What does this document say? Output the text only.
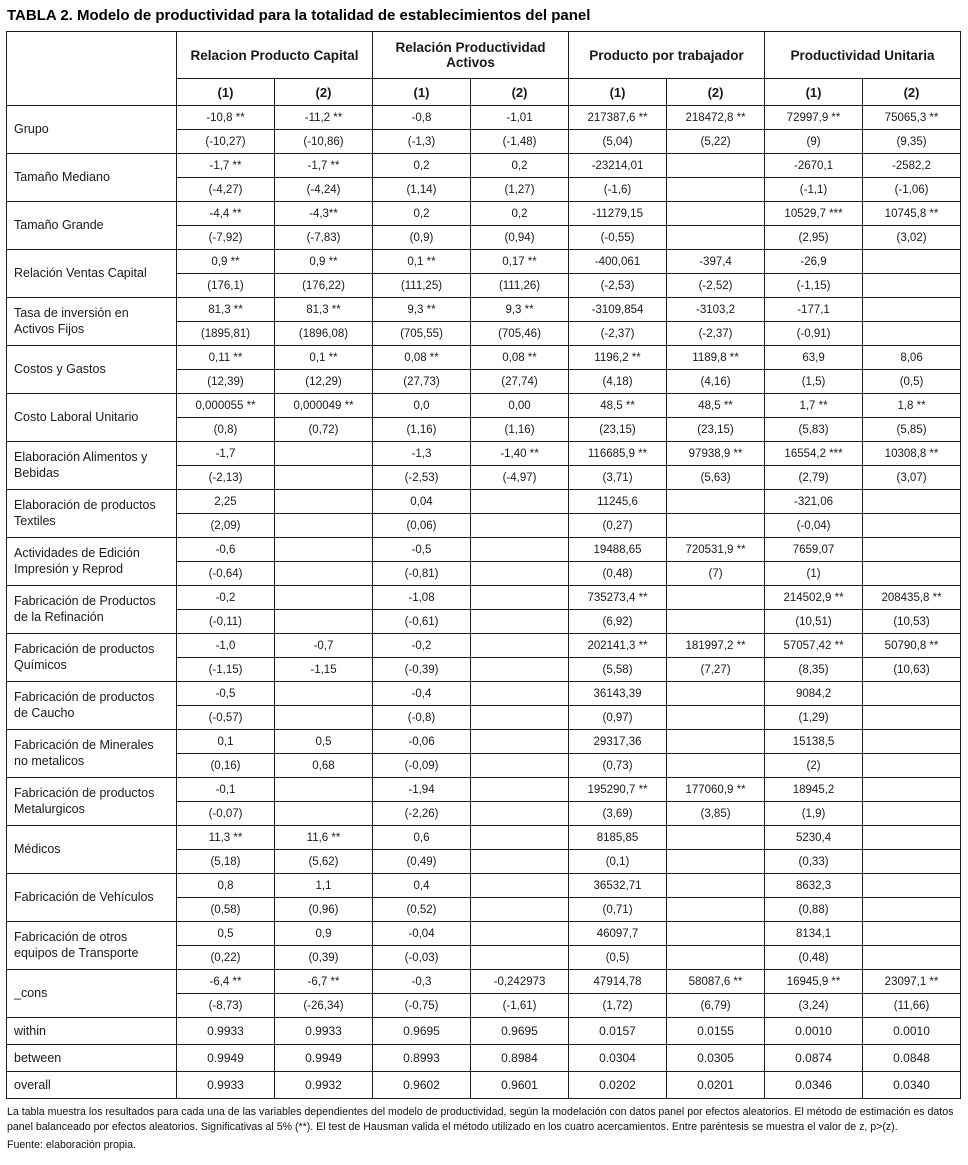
TABLA 2. Modelo de productividad para la totalidad de establecimientos del panel
	Relacion Producto Capital		Relación Productividad Activos		Producto por trabajador		Productividad Unitaria	
	(1)	(2)	(1)	(2)	(1)	(2)	(1)	(2)
Grupo	-10,8 **	-11,2 **	-0,8	-1,01	217387,6 **	218472,8 **	72997,9 **	75065,3 **
	(-10,27)	(-10,86)	(-1,3)	(-1,48)	(5,04)	(5,22)	(9)	(9,35)
Tamaño Mediano	-1,7 **	-1,7 **	0,2	0,2	-23214,01		-2670,1	-2582,2
	(-4,27)	(-4,24)	(1,14)	(1,27)	(-1,6)		(-1,1)	(-1,06)
Tamaño Grande	-4,4 **	-4,3**	0,2	0,2	-11279,15		10529,7 ***	10745,8 **
	(-7,92)	(-7,83)	(0,9)	(0,94)	(-0,55)		(2,95)	(3,02)
Relación Ventas Capital	0,9 **	0,9 **	0,1 **	0,17 **	-400,061	-397,4	-26,9	
	(176,1)	(176,22)	(111,25)	(111,26)	(-2,53)	(-2,52)	(-1,15)	
Tasa de inversión en Activos Fijos	81,3 **	81,3 **	9,3 **	9,3 **	-3109,854	-3103,2	-177,1	
	(1895,81)	(1896,08)	(705,55)	(705,46)	(-2,37)	(-2,37)	(-0,91)	
Costos y Gastos	0,11 **	0,1 **	0,08 **	0,08 **	1196,2 **	1189,8 **	63,9	8,06
	(12,39)	(12,29)	(27,73)	(27,74)	(4,18)	(4,16)	(1,5)	(0,5)
Costo Laboral Unitario	0,000055 **	0,000049 **	0,0	0,00	48,5 **	48,5 **	1,7 **	1,8 **
	(0,8)	(0,72)	(1,16)	(1,16)	(23,15)	(23,15)	(5,83)	(5,85)
Elaboración Alimentos y Bebidas	-1,7		-1,3	-1,40 **	116685,9 **	97938,9 **	16554,2 ***	10308,8 **
	(-2,13)		(-2,53)	(-4,97)	(3,71)	(5,63)	(2,79)	(3,07)
Elaboración de productos Textiles	2,25		0,04		11245,6		-321,06	
	(2,09)		(0,06)		(0,27)		(-0,04)	
Actividades de Edición Impresión y Reprod	-0,6		-0,5		19488,65	720531,9 **	7659,07	
	(-0,64)		(-0,81)		(0,48)	(7)	(1)	
Fabricación de Productos de la Refinación	-0,2		-1,08		735273,4 **		214502,9 **	208435,8 **
	(-0,11)		(-0,61)		(6,92)		(10,51)	(10,53)
Fabricación de productos Químicos	-1,0	-0,7	-0,2		202141,3 **	181997,2 **	57057,42 **	50790,8 **
	(-1,15)	-1,15	(-0,39)		(5,58)	(7,27)	(8,35)	(10,63)
Fabricación de productos de Caucho	-0,5		-0,4		36143,39		9084,2	
	(-0,57)		(-0,8)		(0,97)		(1,29)	
Fabricación de Minerales no metalicos	0,1	0,5	-0,06		29317,36		15138,5	
	(0,16)	0,68	(-0,09)		(0,73)		(2)	
Fabricación de productos Metalurgicos	-0,1		-1,94		195290,7 **	177060,9 **	18945,2	
	(-0,07)		(-2,26)		(3,69)	(3,85)	(1,9)	
Médicos	11,3 **	11,6 **	0,6		8185,85		5230,4	
	(5,18)	(5,62)	(0,49)		(0,1)		(0,33)	
Fabricación de Vehículos	0,8	1,1	0,4		36532,71		8632,3	
	(0,58)	(0,96)	(0,52)		(0,71)		(0,88)	
Fabricación de otros equipos de Transporte	0,5	0,9	-0,04		46097,7		8134,1	
	(0,22)	(0,39)	(-0,03)		(0,5)		(0,48)	
_cons	-6,4 **	-6,7 **	-0,3	-0,242973	47914,78	58087,6 **	16945,9 **	23097,1 **
	(-8,73)	(-26,34)	(-0,75)	(-1,61)	(1,72)	(6,79)	(3,24)	(11,66)
within	0.9933	0.9933	0.9695	0.9695	0.0157	0.0155	0.0010	0.0010
between	0.9949	0.9949	0.8993	0.8984	0.0304	0.0305	0.0874	0.0848
overall	0.9933	0.9932	0.9602	0.9601	0.0202	0.0201	0.0346	0.0340

La tabla muestra los resultados para cada una de las variables dependientes del modelo de productividad, según la modelación con datos panel por efectos aleatorios. El método de estimación es datos panel balanceado por efectos aleatorios. Significativas al 5% (**). El test de Hausman valida el método utilizado en los cuatro acercamientos. Entre paréntesis se muestra el valor de z, p>(z).

Fuente: elaboración propia.
